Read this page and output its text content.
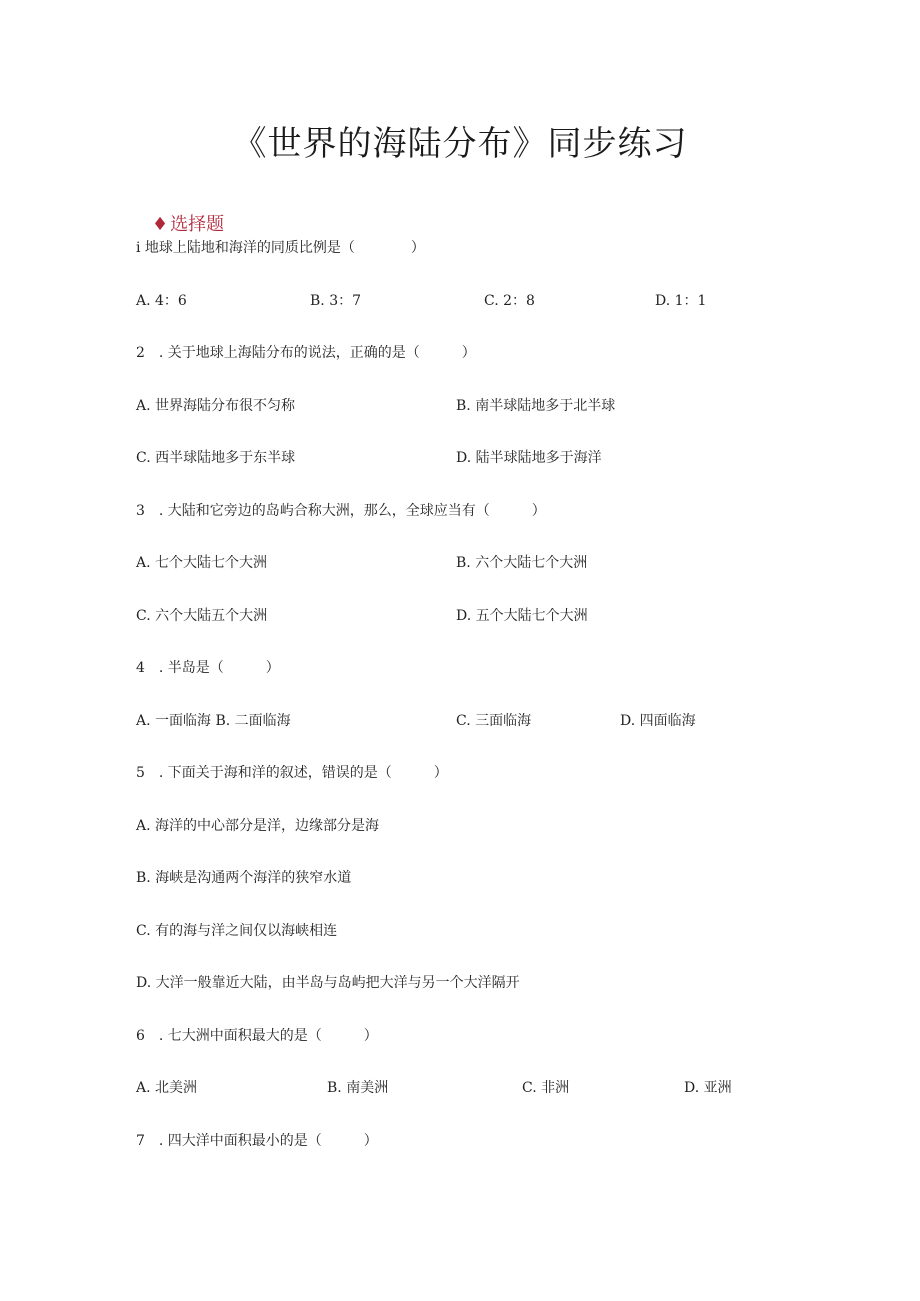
《世界的海陆分布》同步练习
♦ 选择题
i 地球上陆地和海洋的同质比例是（　　　　）
A. 4：6	B. 3：7	C. 2：8	D. 1：1
2　. 关于地球上海陆分布的说法，正确的是（　　　）
A. 世界海陆分布很不匀称	B. 南半球陆地多于北半球
C. 西半球陆地多于东半球	D. 陆半球陆地多于海洋
3　. 大陆和它旁边的岛屿合称大洲，那么，全球应当有（　　　）
A. 七个大陆七个大洲	B. 六个大陆七个大洲
C. 六个大陆五个大洲	D. 五个大陆七个大洲
4　. 半岛是（　　　）
A. 一面临海 B. 二面临海	C. 三面临海	D. 四面临海
5　. 下面关于海和洋的叙述，错误的是（　　　）
A. 海洋的中心部分是洋，边缘部分是海
B. 海峡是沟通两个海洋的狭窄水道
C. 有的海与洋之间仅以海峡相连
D. 大洋一般靠近大陆，由半岛与岛屿把大洋与另一个大洋隔开
6　. 七大洲中面积最大的是（　　　）
A. 北美洲	B. 南美洲	C. 非洲	D. 亚洲
7　. 四大洋中面积最小的是（　　　）
